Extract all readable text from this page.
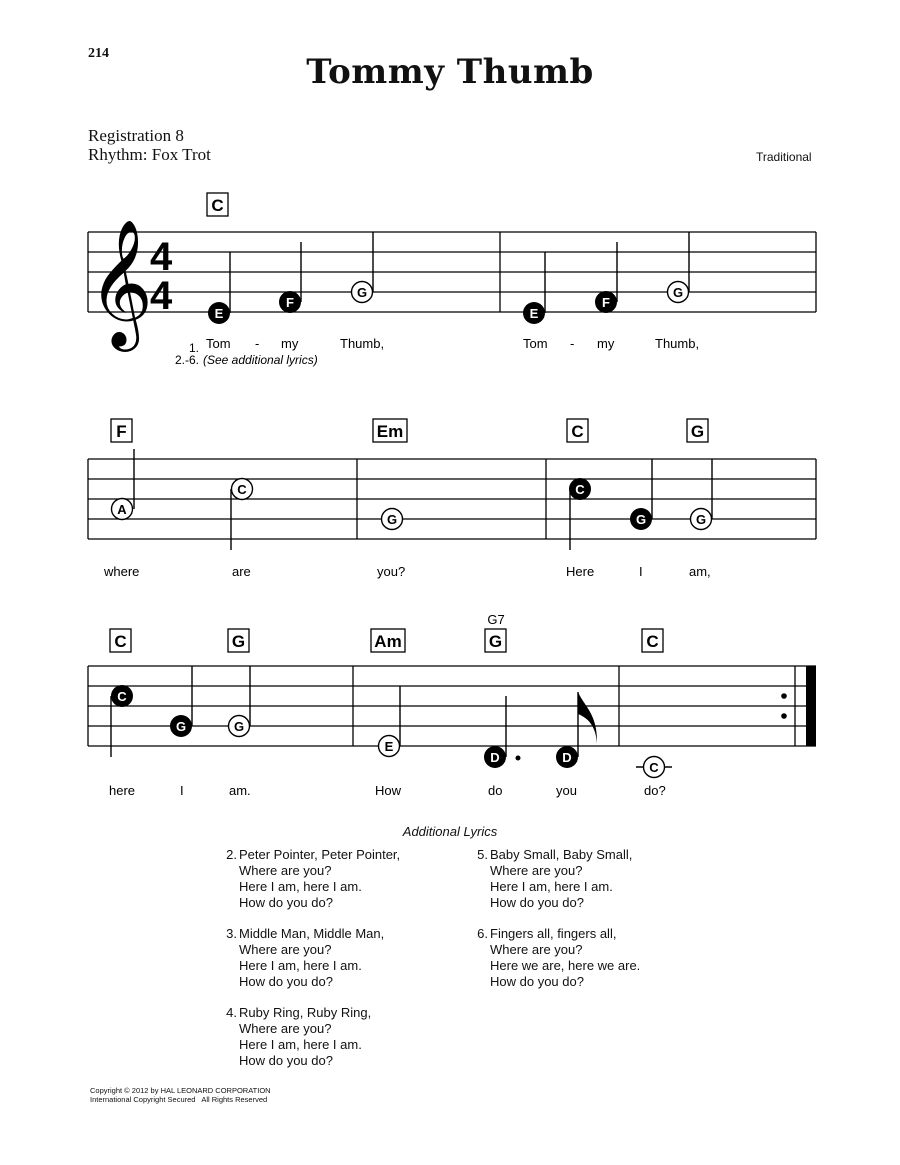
214	Tommy Thumb
Registration 8
Rhythm: Fox Trot	Traditional
𝄞
4
4
C
E
F
G
E
F
G
1.
2.-6. (See additional lyrics)
Tom - my	Thumb,	Tom - my	Thumb,
F	Em	C	G
A
C
G
C
G	G
where	are	you?	Here	I	am,
C	G	Am
G7
G	C
C
G	G
E
D	D
C
here	I	am.	How	do	you	do?
Additional Lyrics
2. Peter Pointer, Peter Pointer,
Where are you?
Here I am, here I am.
How do you do?
3. Middle Man, Middle Man,
Where are you?
Here I am, here I am.
How do you do?
4. Ruby Ring, Ruby Ring,
Where are you?
Here I am, here I am.
How do you do?
5. Baby Small, Baby Small,
Where are you?
Here I am, here I am.
How do you do?
6. Fingers all, fingers all,
Where are you?
Here we are, here we are.
How do you do?
Copyright © 2012 by HAL LEONARD CORPORATION
International Copyright Secured   All Rights Reserved
